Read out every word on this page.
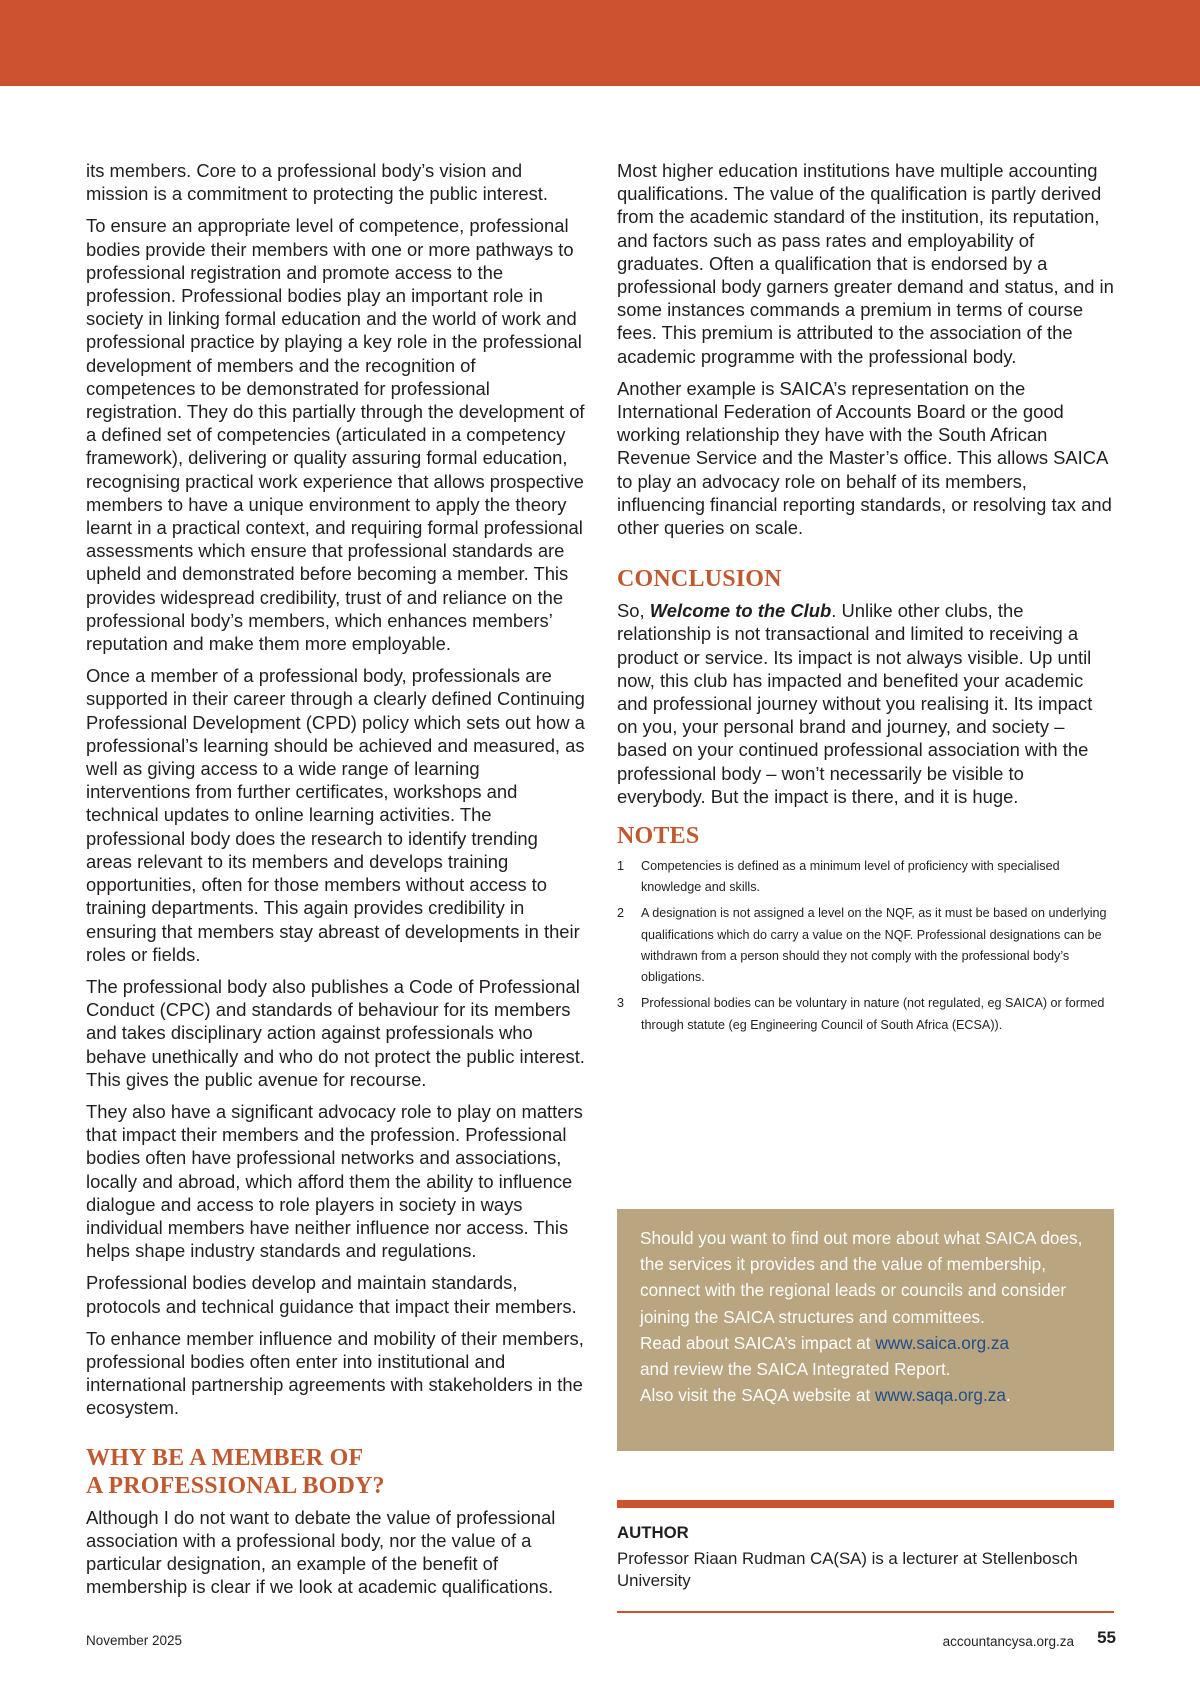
its members. Core to a professional body’s vision and mission is a commitment to protecting the public interest.

To ensure an appropriate level of competence, professional bodies provide their members with one or more pathways to professional registration and promote access to the profession. Professional bodies play an important role in society in linking formal education and the world of work and professional practice by playing a key role in the professional development of members and the recognition of competences to be demonstrated for professional registration. They do this partially through the development of a defined set of competencies (articulated in a competency framework), delivering or quality assuring formal education, recognising practical work experience that allows prospective members to have a unique environment to apply the theory learnt in a practical context, and requiring formal professional assessments which ensure that professional standards are upheld and demonstrated before becoming a member. This provides widespread credibility, trust of and reliance on the professional body’s members, which enhances members’ reputation and make them more employable.

Once a member of a professional body, professionals are supported in their career through a clearly defined Continuing Professional Development (CPD) policy which sets out how a professional’s learning should be achieved and measured, as well as giving access to a wide range of learning interventions from further certificates, workshops and technical updates to online learning activities. The professional body does the research to identify trending areas relevant to its members and develops training opportunities, often for those members without access to training departments. This again provides credibility in ensuring that members stay abreast of developments in their roles or fields.

The professional body also publishes a Code of Professional Conduct (CPC) and standards of behaviour for its members and takes disciplinary action against professionals who behave unethically and who do not protect the public interest. This gives the public avenue for recourse.

They also have a significant advocacy role to play on matters that impact their members and the profession. Professional bodies often have professional networks and associations, locally and abroad, which afford them the ability to influence dialogue and access to role players in society in ways individual members have neither influence nor access. This helps shape industry standards and regulations.

Professional bodies develop and maintain standards, protocols and technical guidance that impact their members.

To enhance member influence and mobility of their members, professional bodies often enter into institutional and international partnership agreements with stakeholders in the ecosystem.

WHY BE A MEMBER OF
A PROFESSIONAL BODY?

Although I do not want to debate the value of professional association with a professional body, nor the value of a particular designation, an example of the benefit of membership is clear if we look at academic qualifications.

Most higher education institutions have multiple accounting qualifications. The value of the qualification is partly derived from the academic standard of the institution, its reputation, and factors such as pass rates and employability of graduates. Often a qualification that is endorsed by a professional body garners greater demand and status, and in some instances commands a premium in terms of course fees. This premium is attributed to the association of the academic programme with the professional body.

Another example is SAICA’s representation on the International Federation of Accounts Board or the good working relationship they have with the South African Revenue Service and the Master’s office. This allows SAICA to play an advocacy role on behalf of its members, influencing financial reporting standards, or resolving tax and other queries on scale.

CONCLUSION

So, Welcome to the Club. Unlike other clubs, the relationship is not transactional and limited to receiving a product or service. Its impact is not always visible. Up until now, this club has impacted and benefited your academic and professional journey without you realising it. Its impact on you, your personal brand and journey, and society – based on your continued professional association with the professional body – won’t necessarily be visible to everybody. But the impact is there, and it is huge.

NOTES
1 Competencies is defined as a minimum level of proficiency with specialised knowledge and skills.
2 A designation is not assigned a level on the NQF, as it must be based on underlying qualifications which do carry a value on the NQF. Professional designations can be withdrawn from a person should they not comply with the professional body’s obligations.
3 Professional bodies can be voluntary in nature (not regulated, eg SAICA) or formed through statute (eg Engineering Council of South Africa (ECSA)).
Should you want to find out more about what SAICA does, the services it provides and the value of membership, connect with the regional leads or councils and consider joining the SAICA structures and committees.
Read about SAICA’s impact at www.saica.org.za
and review the SAICA Integrated Report.
Also visit the SAQA website at www.saqa.org.za.
AUTHOR
Professor Riaan Rudman CA(SA) is a lecturer at Stellenbosch University
November 2025	accountancysa.org.za 55
